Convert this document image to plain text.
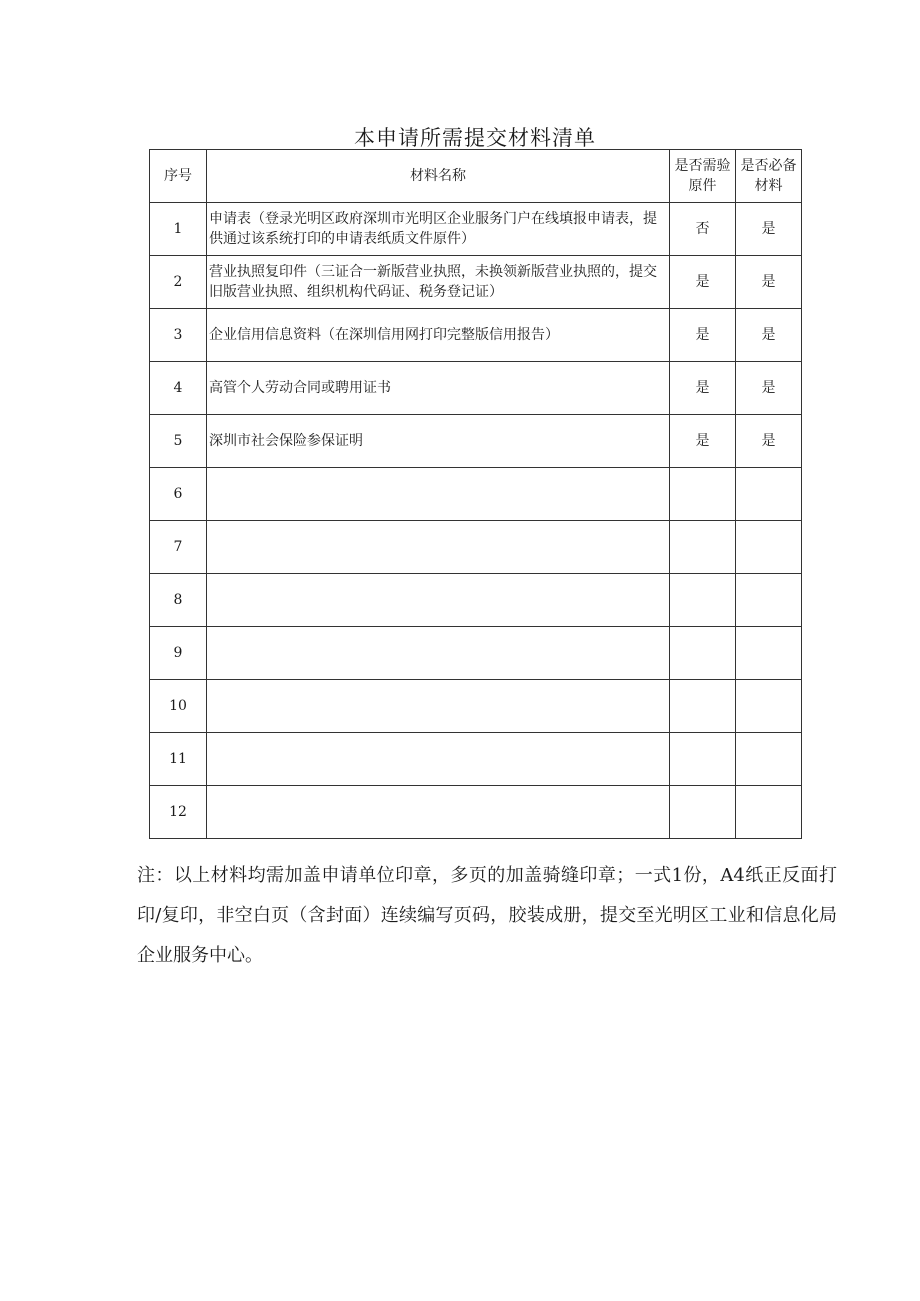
本申请所需提交材料清单
序号	材料名称	是否需验原件	是否必备材料
1	申请表（登录光明区政府深圳市光明区企业服务门户在线填报申请表，提供通过该系统打印的申请表纸质文件原件）	否	是
2	营业执照复印件（三证合一新版营业执照，未换领新版营业执照的，提交旧版营业执照、组织机构代码证、税务登记证）	是	是
3	企业信用信息资料（在深圳信用网打印完整版信用报告）	是	是
4	高管个人劳动合同或聘用证书	是	是
5	深圳市社会保险参保证明	是	是
6			
7			
8			
9			
10			
11			
12			
注：以上材料均需加盖申请单位印章，多页的加盖骑缝印章；一式1份，A4纸正反面打印/复印，非空白页（含封面）连续编写页码，胶装成册，提交至光明区工业和信息化局企业服务中心。
